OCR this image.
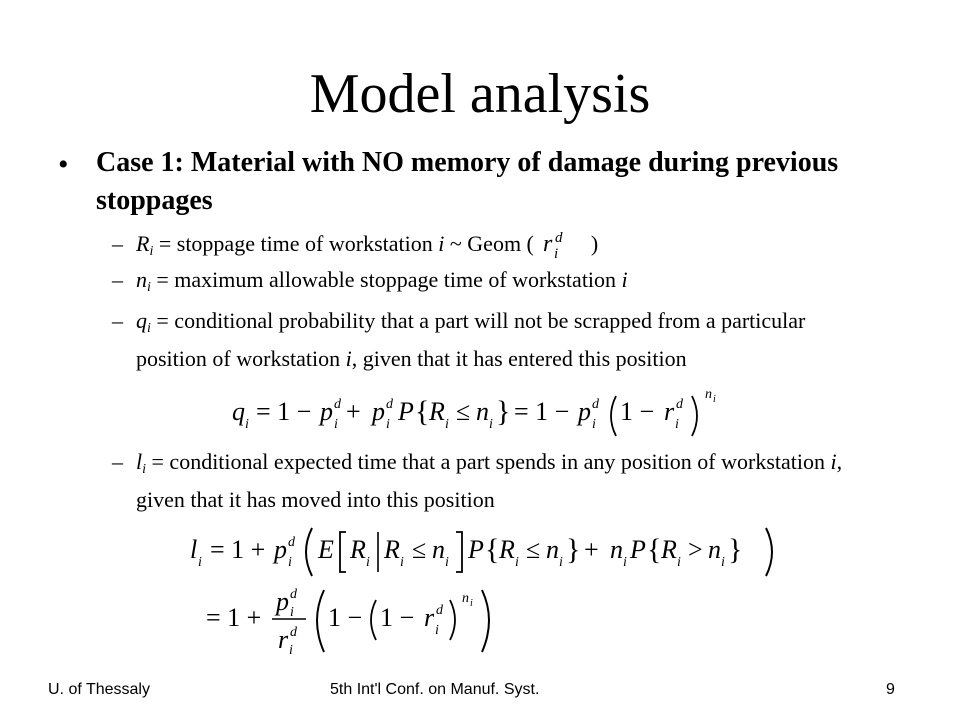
Model analysis
• Case 1: Material with NO memory of damage during previous stoppages
– $R_i$ = stoppage time of workstation i ~ Geom ( r d
i )
– $n_i$ = maximum allowable stoppage time of workstation i
– $q_i$ = conditional probability that a part will not be scrapped from a particular position of workstation i, given that it has entered this position
q i = 1 − p d
i + p d
i P { R i ≤ n i } = 1 − p d
i 1 − r d
i
n i
– $l_i$ = conditional expected time that a part spends in any position of workstation i, given that it has moved into this position
l i = 1 + p d
i E R i R i ≤ n i P { R i ≤ n i } + n i P { R i > n i }
= 1 +
p d
i
r d
i
1 − 1 − r d
i
n i
U. of Thessaly	5th Int'l Conf. on Manuf. Syst.	9
